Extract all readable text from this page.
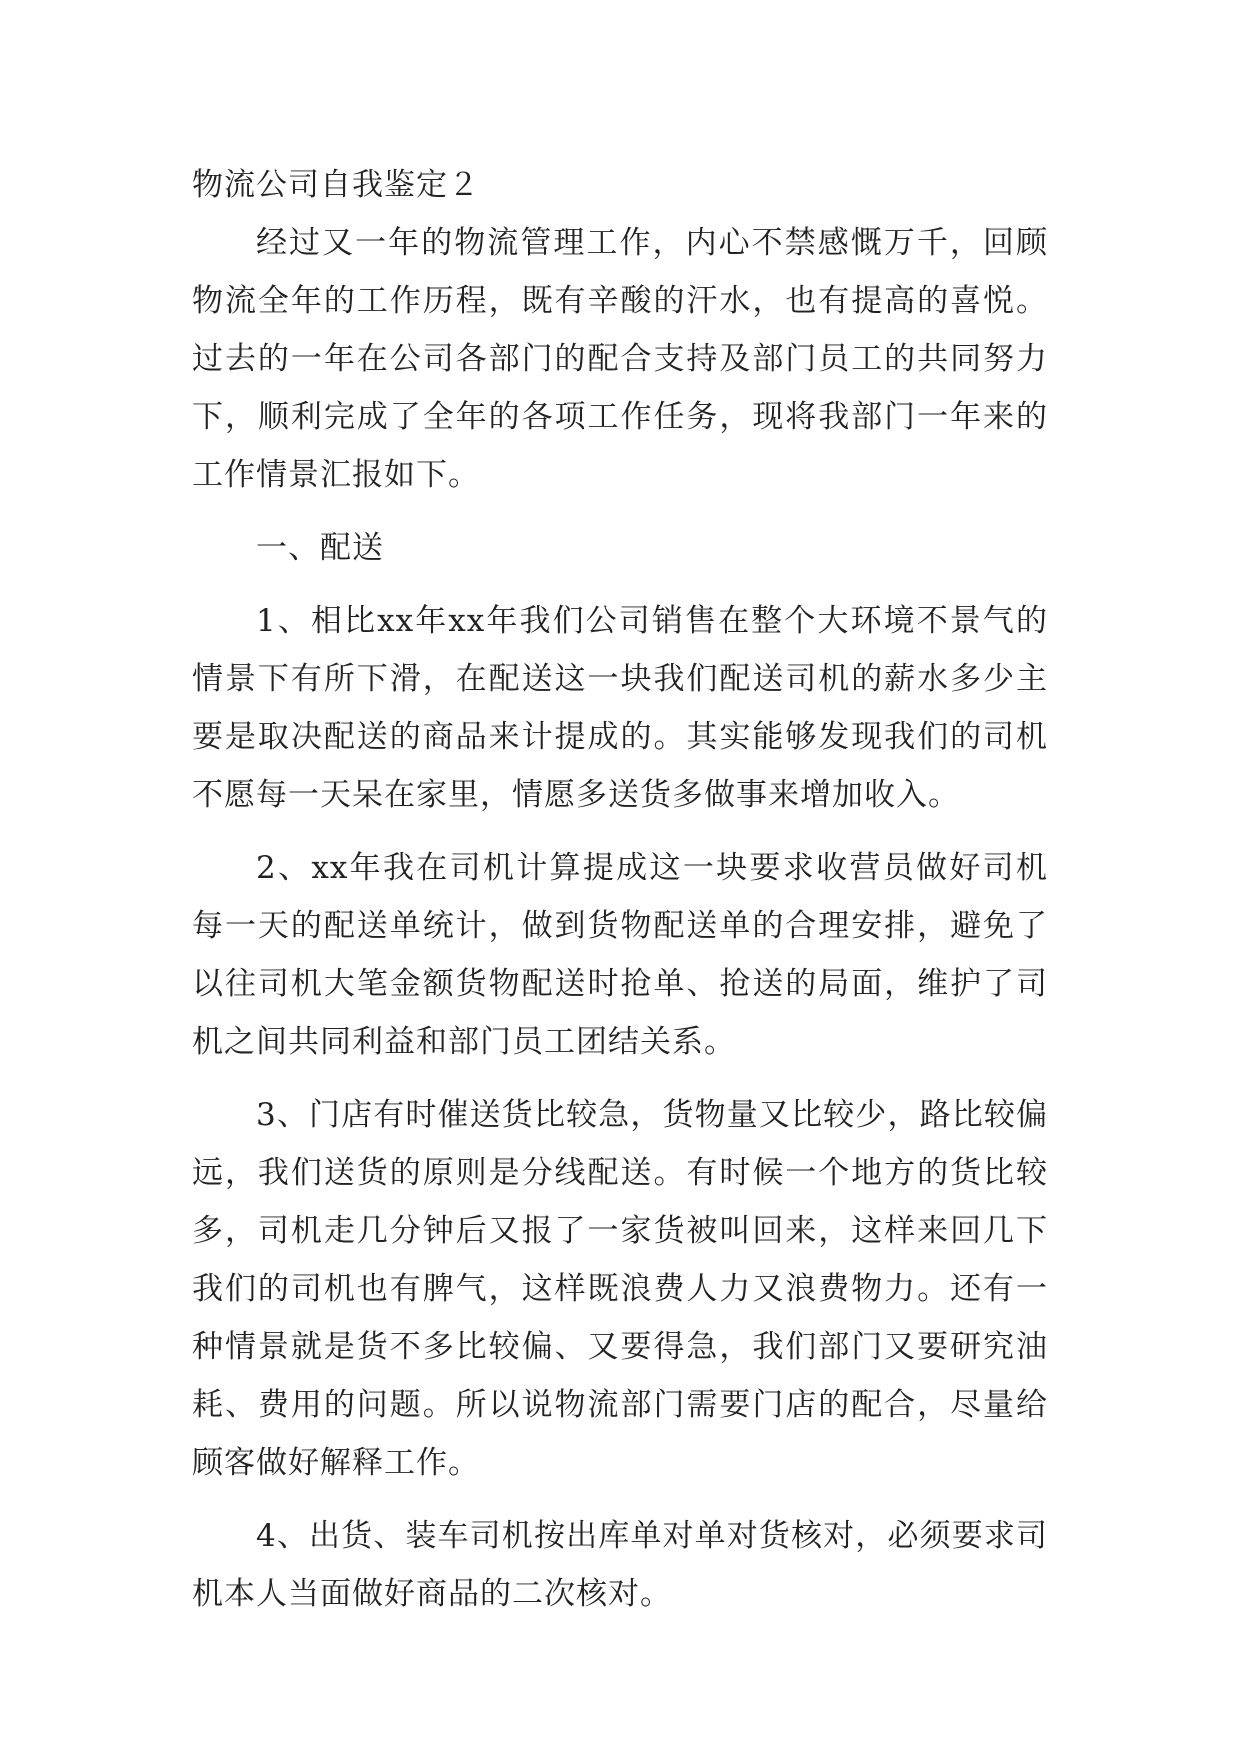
物流公司自我鉴定２

经过又一年的物流管理工作，内心不禁感慨万千，回顾物流全年的工作历程，既有辛酸的汗水，也有提高的喜悦。过去的一年在公司各部门的配合支持及部门员工的共同努力下，顺利完成了全年的各项工作任务，现将我部门一年来的工作情景汇报如下。

一、配送

1、相比xx年xx年我们公司销售在整个大环境不景气的情景下有所下滑，在配送这一块我们配送司机的薪水多少主要是取决配送的商品来计提成的。其实能够发现我们的司机不愿每一天呆在家里，情愿多送货多做事来增加收入。

2、xx年我在司机计算提成这一块要求收营员做好司机每一天的配送单统计，做到货物配送单的合理安排，避免了以往司机大笔金额货物配送时抢单、抢送的局面，维护了司机之间共同利益和部门员工团结关系。

3、门店有时催送货比较急，货物量又比较少，路比较偏远，我们送货的原则是分线配送。有时候一个地方的货比较多，司机走几分钟后又报了一家货被叫回来，这样来回几下我们的司机也有脾气，这样既浪费人力又浪费物力。还有一种情景就是货不多比较偏、又要得急，我们部门又要研究油耗、费用的问题。所以说物流部门需要门店的配合，尽量给顾客做好解释工作。

4、出货、装车司机按出库单对单对货核对，必须要求司机本人当面做好商品的二次核对。
